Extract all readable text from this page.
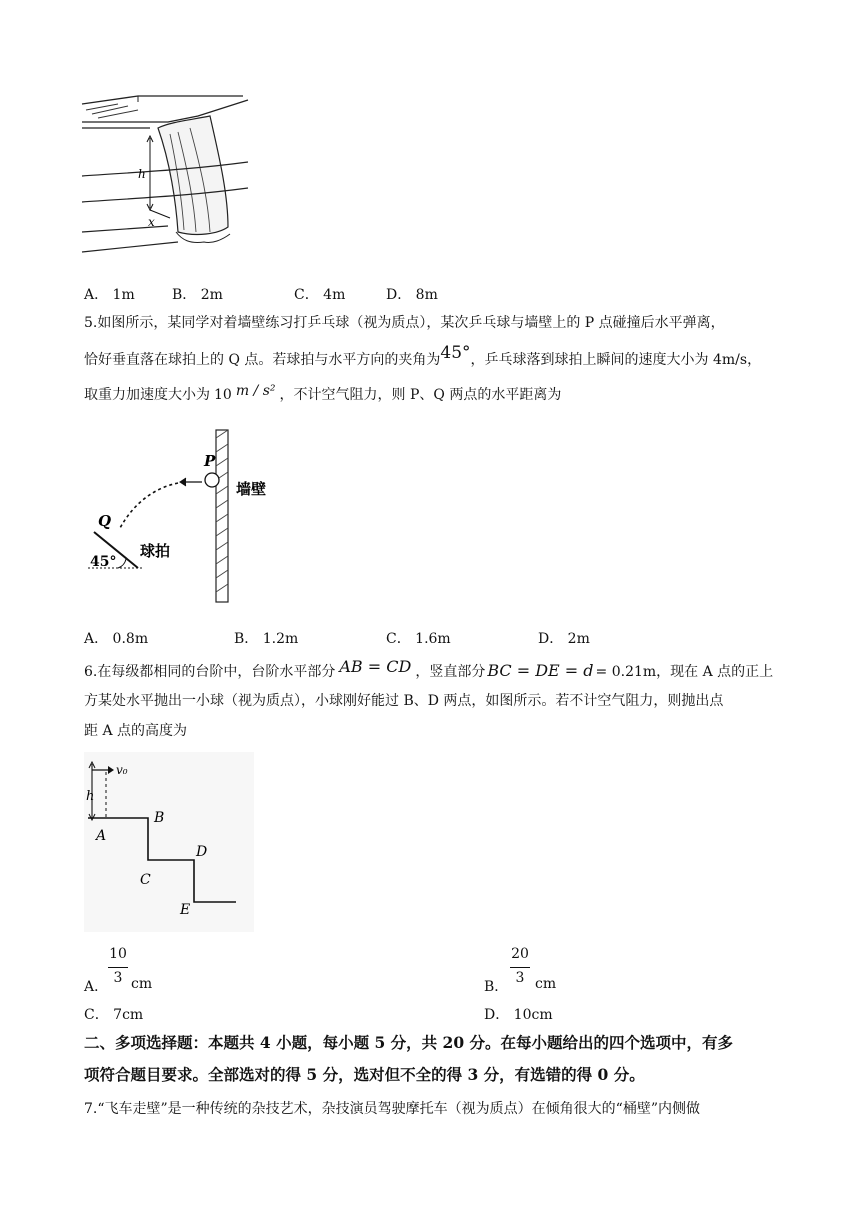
h
x
A． 1m	B． 2m	C． 4m	D． 8m
5.如图所示，某同学对着墙壁练习打乒乓球（视为质点），某次乒乓球与墙壁上的 P 点碰撞后水平弹离，
恰好垂直落在球拍上的 Q 点。若球拍与水平方向的夹角为45°，乒乓球落到球拍上瞬间的速度大小为 4m/s，
取重力加速度大小为 10 m / s² ，不计空气阻力，则 P、Q 两点的水平距离为
P
Q
45°
球拍
墙壁
A． 0.8m	B． 1.2m	C． 1.6m	D． 2m
6.在每级都相同的台阶中，台阶水平部分 AB = CD ，竖直部分 BC = DE = d = 0.21m，现在 A 点的正上
方某处水平抛出一小球（视为质点），小球刚好能过 B、D 两点，如图所示。若不计空气阻力，则抛出点
距 A 点的高度为
v₀
h
A
B
C
D
E
A．
10
3 cm	B．
20
3 cm
C． 7cm	D． 10cm
二、多项选择题：本题共 4 小题，每小题 5 分，共 20 分。在每小题给出的四个选项中，有多
项符合题目要求。全部选对的得 5 分，选对但不全的得 3 分，有选错的得 0 分。
7.“飞车走壁”是一种传统的杂技艺术，杂技演员驾驶摩托车（视为质点）在倾角很大的“桶壁”内侧做
